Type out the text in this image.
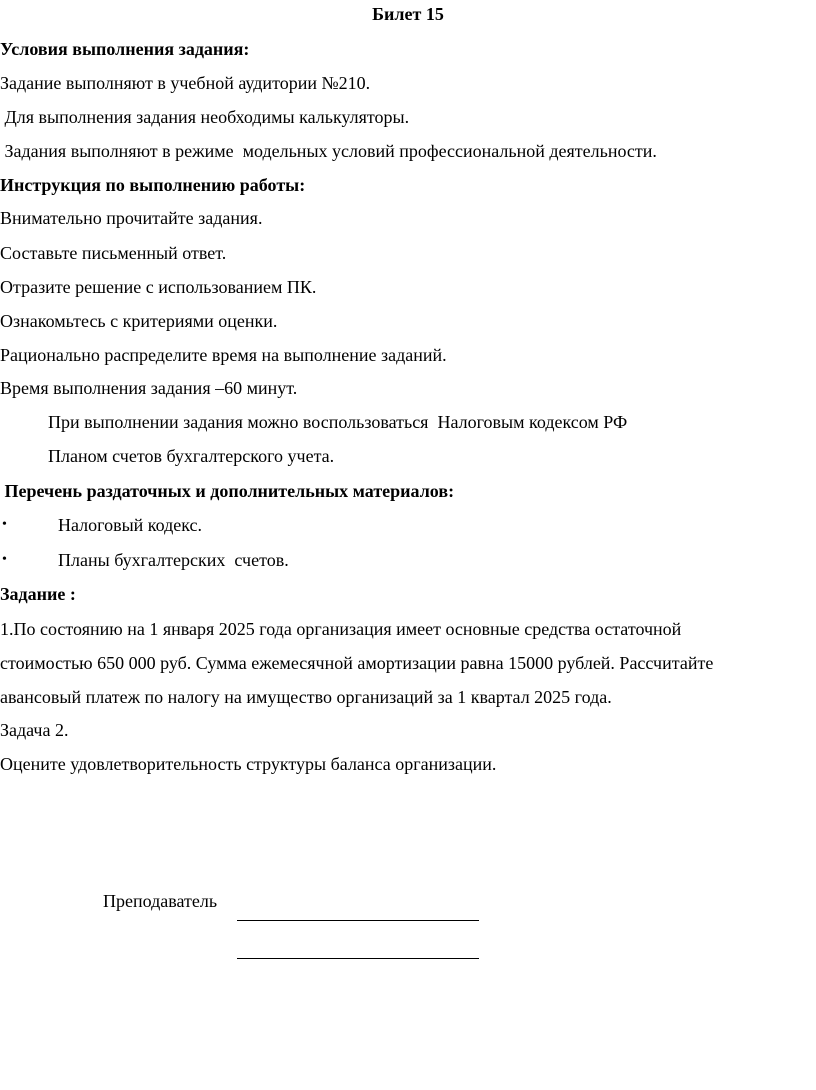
Билет 15
Условия выполнения задания:
Задание выполняют в учебной аудитории №210.
Для выполнения задания необходимы калькуляторы.
Задания выполняют в режиме  модельных условий профессиональной деятельности.
Инструкция по выполнению работы:
Внимательно прочитайте задания.
Составьте письменный ответ.
Отразите решение с использованием ПК.
Ознакомьтесь с критериями оценки.
Рационально распределите время на выполнение заданий.
Время выполнения задания –60 минут.
При выполнении задания можно воспользоваться  Налоговым кодексом РФ
Планом счетов бухгалтерского учета.
Перечень раздаточных и дополнительных материалов:
•	Налоговый кодекс.
•	Планы бухгалтерских  счетов.
Задание :
1.По состоянию на 1 января 2025 года организация имеет основные средства остаточной
стоимостью 650 000 руб. Сумма ежемесячной амортизации равна 15000 рублей. Рассчитайте
авансовый платеж по налогу на имущество организаций за 1 квартал 2025 года.
Задача 2.
Оцените удовлетворительность структуры баланса организации.
Преподаватель
